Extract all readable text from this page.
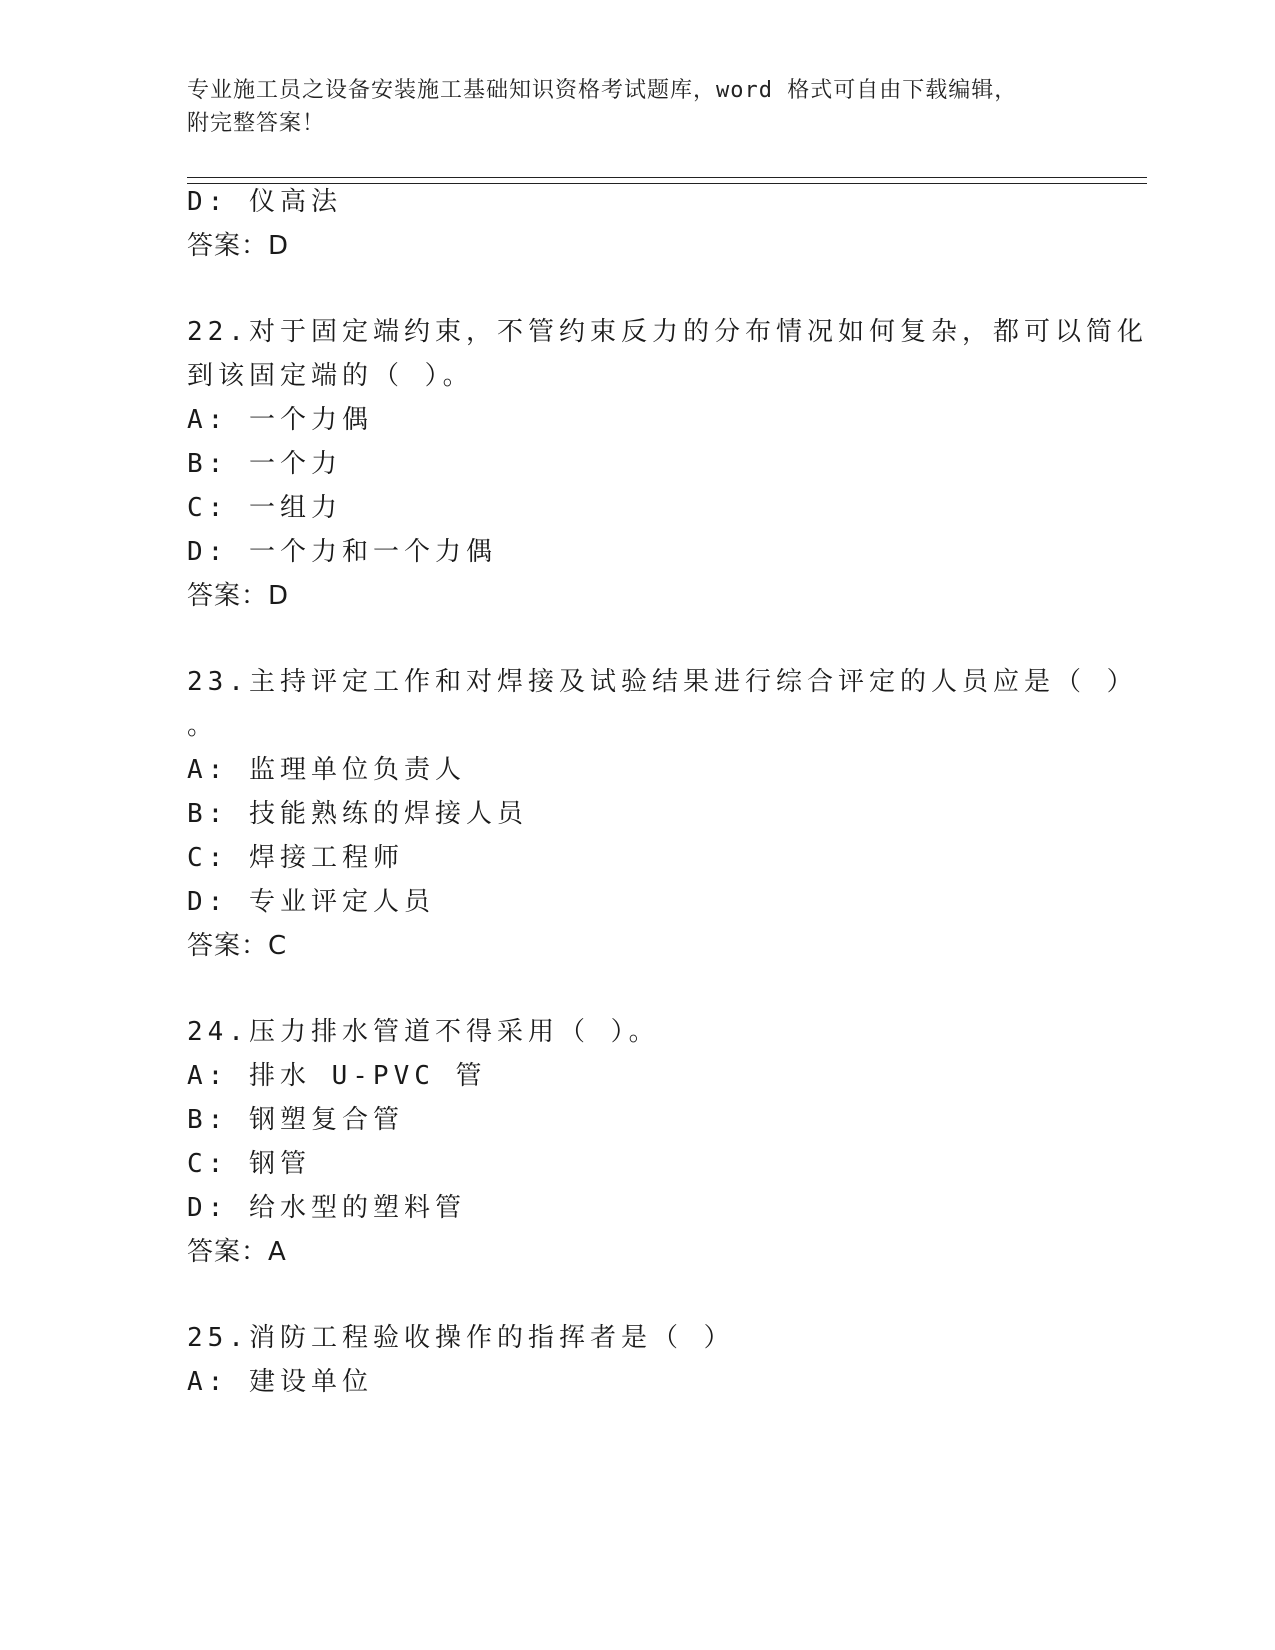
专业施工员之设备安装施工基础知识资格考试题库，word 格式可自由下载编辑，
附完整答案！
D: 仪高法
答案：D
22.对于固定端约束，不管约束反力的分布情况如何复杂，都可以简化
到该固定端的（ ）。
A: 一个力偶
B: 一个力
C: 一组力
D: 一个力和一个力偶
答案：D
23.主持评定工作和对焊接及试验结果进行综合评定的人员应是（ ）
。
A: 监理单位负责人
B: 技能熟练的焊接人员
C: 焊接工程师
D: 专业评定人员
答案：C
24.压力排水管道不得采用（ ）。
A: 排水 U-PVC 管
B: 钢塑复合管
C: 钢管
D: 给水型的塑料管
答案：A
25.消防工程验收操作的指挥者是（ ）
A: 建设单位
